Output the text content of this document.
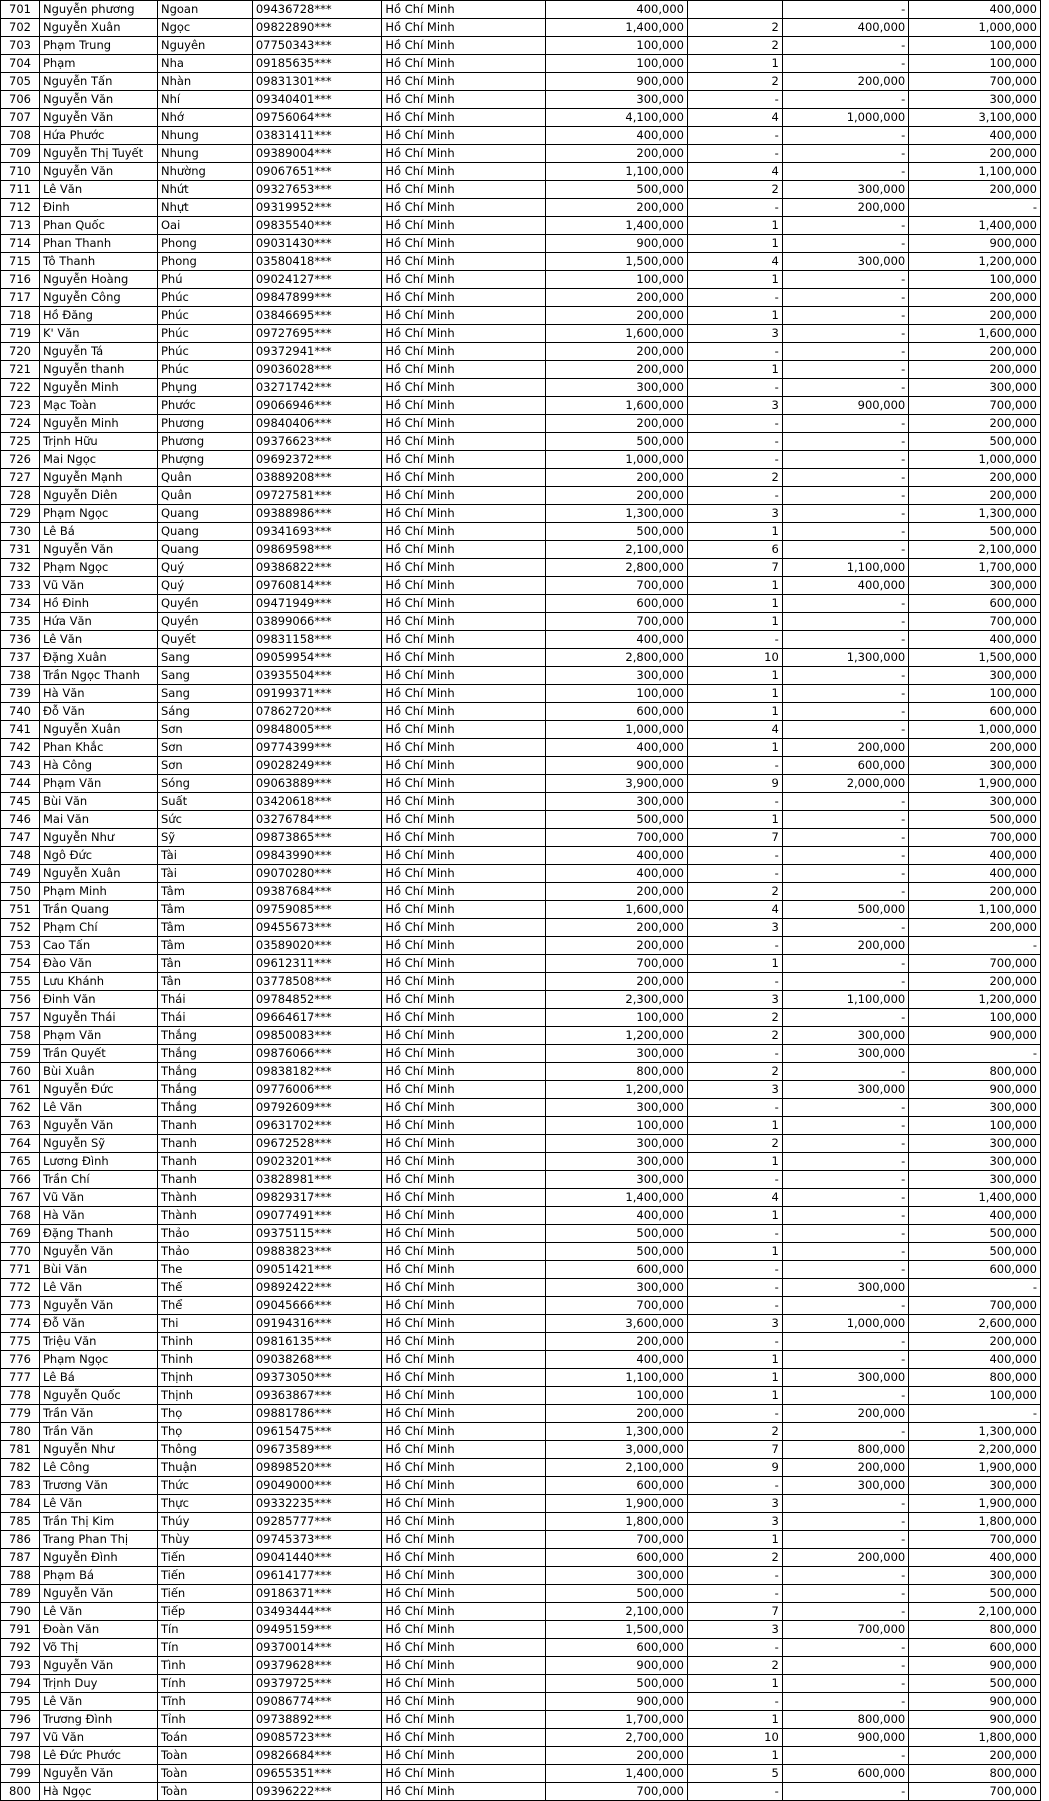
701	Nguyễn phương	Ngoan	09436728***	Hồ Chí Minh	400,000		-	400,000
702	Nguyễn Xuân	Ngọc	09822890***	Hồ Chí Minh	1,400,000	2	400,000	1,000,000
703	Phạm Trung	Nguyên	07750343***	Hồ Chí Minh	100,000	2	-	100,000
704	Phạm	Nha	09185635***	Hồ Chí Minh	100,000	1	-	100,000
705	Nguyễn Tấn	Nhàn	09831301***	Hồ Chí Minh	900,000	2	200,000	700,000
706	Nguyễn Văn	Nhí	09340401***	Hồ Chí Minh	300,000	-	-	300,000
707	Nguyễn Văn	Nhớ	09756064***	Hồ Chí Minh	4,100,000	4	1,000,000	3,100,000
708	Hứa Phước	Nhung	03831411***	Hồ Chí Minh	400,000	-	-	400,000
709	Nguyễn Thị Tuyết	Nhung	09389004***	Hồ Chí Minh	200,000	-	-	200,000
710	Nguyễn Văn	Nhường	09067651***	Hồ Chí Minh	1,100,000	4	-	1,100,000
711	Lê Văn	Nhứt	09327653***	Hồ Chí Minh	500,000	2	300,000	200,000
712	Đinh	Nhựt	09319952***	Hồ Chí Minh	200,000	-	200,000	-
713	Phan Quốc	Oai	09835540***	Hồ Chí Minh	1,400,000	1	-	1,400,000
714	Phan Thanh	Phong	09031430***	Hồ Chí Minh	900,000	1	-	900,000
715	Tô Thanh	Phong	03580418***	Hồ Chí Minh	1,500,000	4	300,000	1,200,000
716	Nguyễn Hoàng	Phú	09024127***	Hồ Chí Minh	100,000	1	-	100,000
717	Nguyễn Công	Phúc	09847899***	Hồ Chí Minh	200,000	-	-	200,000
718	Hồ Đăng	Phúc	03846695***	Hồ Chí Minh	200,000	1	-	200,000
719	K' Văn	Phúc	09727695***	Hồ Chí Minh	1,600,000	3	-	1,600,000
720	Nguyễn Tá	Phúc	09372941***	Hồ Chí Minh	200,000	-	-	200,000
721	Nguyễn thanh	Phúc	09036028***	Hồ Chí Minh	200,000	1	-	200,000
722	Nguyễn Minh	Phụng	03271742***	Hồ Chí Minh	300,000	-	-	300,000
723	Mạc Toàn	Phước	09066946***	Hồ Chí Minh	1,600,000	3	900,000	700,000
724	Nguyễn Minh	Phương	09840406***	Hồ Chí Minh	200,000	-	-	200,000
725	Trịnh Hữu	Phương	09376623***	Hồ Chí Minh	500,000	-	-	500,000
726	Mai Ngọc	Phượng	09692372***	Hồ Chí Minh	1,000,000	-	-	1,000,000
727	Nguyễn Mạnh	Quân	03889208***	Hồ Chí Minh	200,000	2	-	200,000
728	Nguyễn Diên	Quân	09727581***	Hồ Chí Minh	200,000	-	-	200,000
729	Phạm Ngọc	Quang	09388986***	Hồ Chí Minh	1,300,000	3	-	1,300,000
730	Lê Bá	Quang	09341693***	Hồ Chí Minh	500,000	1	-	500,000
731	Nguyễn Văn	Quang	09869598***	Hồ Chí Minh	2,100,000	6	-	2,100,000
732	Phạm Ngọc	Quý	09386822***	Hồ Chí Minh	2,800,000	7	1,100,000	1,700,000
733	Vũ Văn	Quý	09760814***	Hồ Chí Minh	700,000	1	400,000	300,000
734	Hồ Đinh	Quyền	09471949***	Hồ Chí Minh	600,000	1	-	600,000
735	Hứa Văn	Quyền	03899066***	Hồ Chí Minh	700,000	1	-	700,000
736	Lê Văn	Quyết	09831158***	Hồ Chí Minh	400,000	-	-	400,000
737	Đặng Xuân	Sang	09059954***	Hồ Chí Minh	2,800,000	10	1,300,000	1,500,000
738	Trần Ngọc Thanh	Sang	03935504***	Hồ Chí Minh	300,000	1	-	300,000
739	Hà Văn	Sang	09199371***	Hồ Chí Minh	100,000	1	-	100,000
740	Đỗ Văn	Sáng	07862720***	Hồ Chí Minh	600,000	1	-	600,000
741	Nguyễn Xuân	Sơn	09848005***	Hồ Chí Minh	1,000,000	4	-	1,000,000
742	Phan Khắc	Sơn	09774399***	Hồ Chí Minh	400,000	1	200,000	200,000
743	Hà Công	Sơn	09028249***	Hồ Chí Minh	900,000	-	600,000	300,000
744	Phạm Văn	Sóng	09063889***	Hồ Chí Minh	3,900,000	9	2,000,000	1,900,000
745	Bùi Văn	Suất	03420618***	Hồ Chí Minh	300,000	-	-	300,000
746	Mai Văn	Sức	03276784***	Hồ Chí Minh	500,000	1	-	500,000
747	Nguyễn Như	Sỹ	09873865***	Hồ Chí Minh	700,000	7	-	700,000
748	Ngô Đức	Tài	09843990***	Hồ Chí Minh	400,000	-	-	400,000
749	Nguyễn Xuân	Tài	09070280***	Hồ Chí Minh	400,000	-	-	400,000
750	Phạm Minh	Tâm	09387684***	Hồ Chí Minh	200,000	2	-	200,000
751	Trần Quang	Tâm	09759085***	Hồ Chí Minh	1,600,000	4	500,000	1,100,000
752	Phạm Chí	Tâm	09455673***	Hồ Chí Minh	200,000	3	-	200,000
753	Cao Tấn	Tâm	03589020***	Hồ Chí Minh	200,000	-	200,000	-
754	Đào Văn	Tân	09612311***	Hồ Chí Minh	700,000	1	-	700,000
755	Lưu Khánh	Tân	03778508***	Hồ Chí Minh	200,000	-	-	200,000
756	Đinh Văn	Thái	09784852***	Hồ Chí Minh	2,300,000	3	1,100,000	1,200,000
757	Nguyễn Thái	Thái	09664617***	Hồ Chí Minh	100,000	2	-	100,000
758	Phạm Văn	Thắng	09850083***	Hồ Chí Minh	1,200,000	2	300,000	900,000
759	Trần Quyết	Thắng	09876066***	Hồ Chí Minh	300,000	-	300,000	-
760	Bùi Xuân	Thắng	09838182***	Hồ Chí Minh	800,000	2	-	800,000
761	Nguyễn Đức	Thắng	09776006***	Hồ Chí Minh	1,200,000	3	300,000	900,000
762	Lê Văn	Thắng	09792609***	Hồ Chí Minh	300,000	-	-	300,000
763	Nguyễn Văn	Thanh	09631702***	Hồ Chí Minh	100,000	1	-	100,000
764	Nguyễn Sỹ	Thanh	09672528***	Hồ Chí Minh	300,000	2	-	300,000
765	Lương Đình	Thanh	09023201***	Hồ Chí Minh	300,000	1	-	300,000
766	Trần Chí	Thanh	03828981***	Hồ Chí Minh	300,000	-	-	300,000
767	Vũ Văn	Thành	09829317***	Hồ Chí Minh	1,400,000	4	-	1,400,000
768	Hà Văn	Thành	09077491***	Hồ Chí Minh	400,000	1	-	400,000
769	Đặng Thanh	Thảo	09375115***	Hồ Chí Minh	500,000	-	-	500,000
770	Nguyễn Văn	Thảo	09883823***	Hồ Chí Minh	500,000	1	-	500,000
771	Bùi Văn	The	09051421***	Hồ Chí Minh	600,000	-	-	600,000
772	Lê Văn	Thế	09892422***	Hồ Chí Minh	300,000	-	300,000	-
773	Nguyễn Văn	Thể	09045666***	Hồ Chí Minh	700,000	-	-	700,000
774	Đỗ Văn	Thi	09194316***	Hồ Chí Minh	3,600,000	3	1,000,000	2,600,000
775	Triệu Văn	Thinh	09816135***	Hồ Chí Minh	200,000	-	-	200,000
776	Phạm Ngọc	Thinh	09038268***	Hồ Chí Minh	400,000	1	-	400,000
777	Lê Bá	Thịnh	09373050***	Hồ Chí Minh	1,100,000	1	300,000	800,000
778	Nguyễn Quốc	Thịnh	09363867***	Hồ Chí Minh	100,000	1	-	100,000
779	Trần Văn	Thọ	09881786***	Hồ Chí Minh	200,000	-	200,000	-
780	Trần Văn	Thọ	09615475***	Hồ Chí Minh	1,300,000	2	-	1,300,000
781	Nguyễn Như	Thông	09673589***	Hồ Chí Minh	3,000,000	7	800,000	2,200,000
782	Lê Công	Thuận	09898520***	Hồ Chí Minh	2,100,000	9	200,000	1,900,000
783	Trương Văn	Thức	09049000***	Hồ Chí Minh	600,000	-	300,000	300,000
784	Lê Văn	Thực	09332235***	Hồ Chí Minh	1,900,000	3	-	1,900,000
785	Trần Thị Kim	Thúy	09285777***	Hồ Chí Minh	1,800,000	3	-	1,800,000
786	Trang Phan Thị	Thùy	09745373***	Hồ Chí Minh	700,000	1	-	700,000
787	Nguyễn Đình	Tiến	09041440***	Hồ Chí Minh	600,000	2	200,000	400,000
788	Phạm Bá	Tiến	09614177***	Hồ Chí Minh	300,000	-	-	300,000
789	Nguyễn Văn	Tiến	09186371***	Hồ Chí Minh	500,000	-	-	500,000
790	Lê Văn	Tiếp	03493444***	Hồ Chí Minh	2,100,000	7	-	2,100,000
791	Đoàn Văn	Tín	09495159***	Hồ Chí Minh	1,500,000	3	700,000	800,000
792	Võ Thị	Tín	09370014***	Hồ Chí Minh	600,000	-	-	600,000
793	Nguyễn Văn	Tình	09379628***	Hồ Chí Minh	900,000	2	-	900,000
794	Trịnh Duy	Tính	09379725***	Hồ Chí Minh	500,000	1	-	500,000
795	Lê Văn	Tĩnh	09086774***	Hồ Chí Minh	900,000	-	-	900,000
796	Trương Đình	Tỉnh	09738892***	Hồ Chí Minh	1,700,000	1	800,000	900,000
797	Vũ Văn	Toán	09085723***	Hồ Chí Minh	2,700,000	10	900,000	1,800,000
798	Lê Đức Phước	Toàn	09826684***	Hồ Chí Minh	200,000	1	-	200,000
799	Nguyễn Văn	Toàn	09655351***	Hồ Chí Minh	1,400,000	5	600,000	800,000
800	Hà Ngọc	Toàn	09396222***	Hồ Chí Minh	700,000	-	-	700,000
